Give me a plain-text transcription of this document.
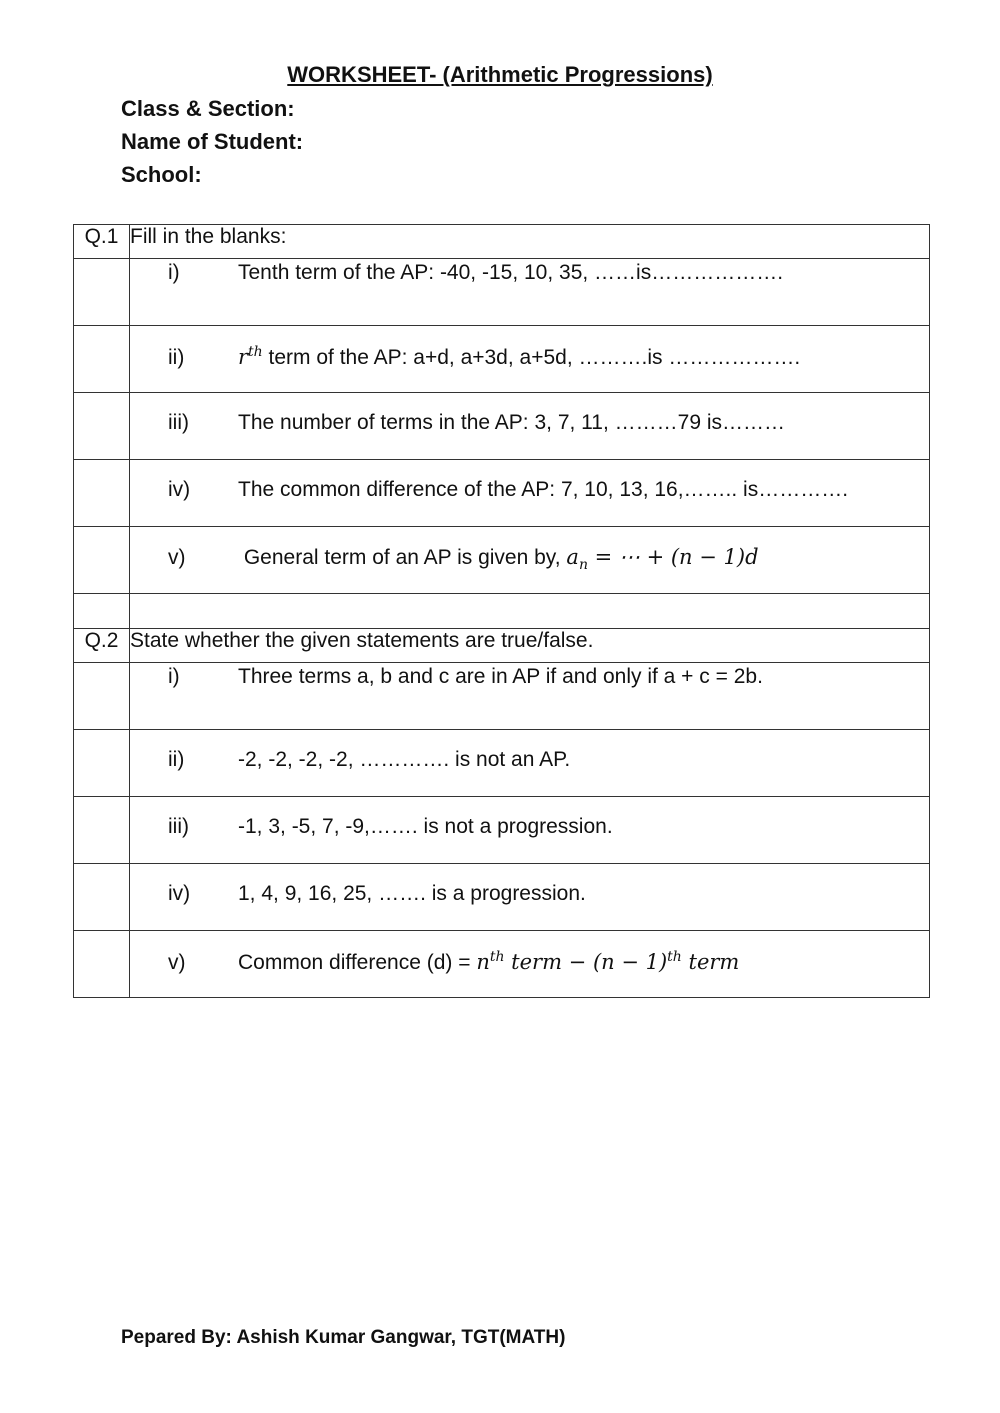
WORKSHEET- (Arithmetic Progressions)
Class & Section:
Name of Student:
School:
Q.1	Fill in the blanks:
	i) Tenth term of the AP: -40, -15, 10, 35, ……is……………….
	ii) $r^{th}$ term of the AP: a+d, a+3d, a+5d, ……….is ……………….
	iii) The number of terms in the AP: 3, 7, 11, ………79 is………
	iv) The common difference of the AP: 7, 10, 13, 16,…….. is………….
	v) General term of an AP is given by, $a_n$ = ⋯ + (n − 1)d

Q.2	State whether the given statements are true/false.
	i) Three terms a, b and c are in AP if and only if a + c = 2b.
	ii) -2, -2, -2, -2, …………. is not an AP.
	iii) -1, 3, -5, 7, -9,……. is not a progression.
	iv) 1, 4, 9, 16, 25, ……. is a progression.
	v) Common difference $(d) = n^{th}$ term − $(n - 1)^{th}$ term
Pepared By: Ashish Kumar Gangwar, TGT(MATH)
